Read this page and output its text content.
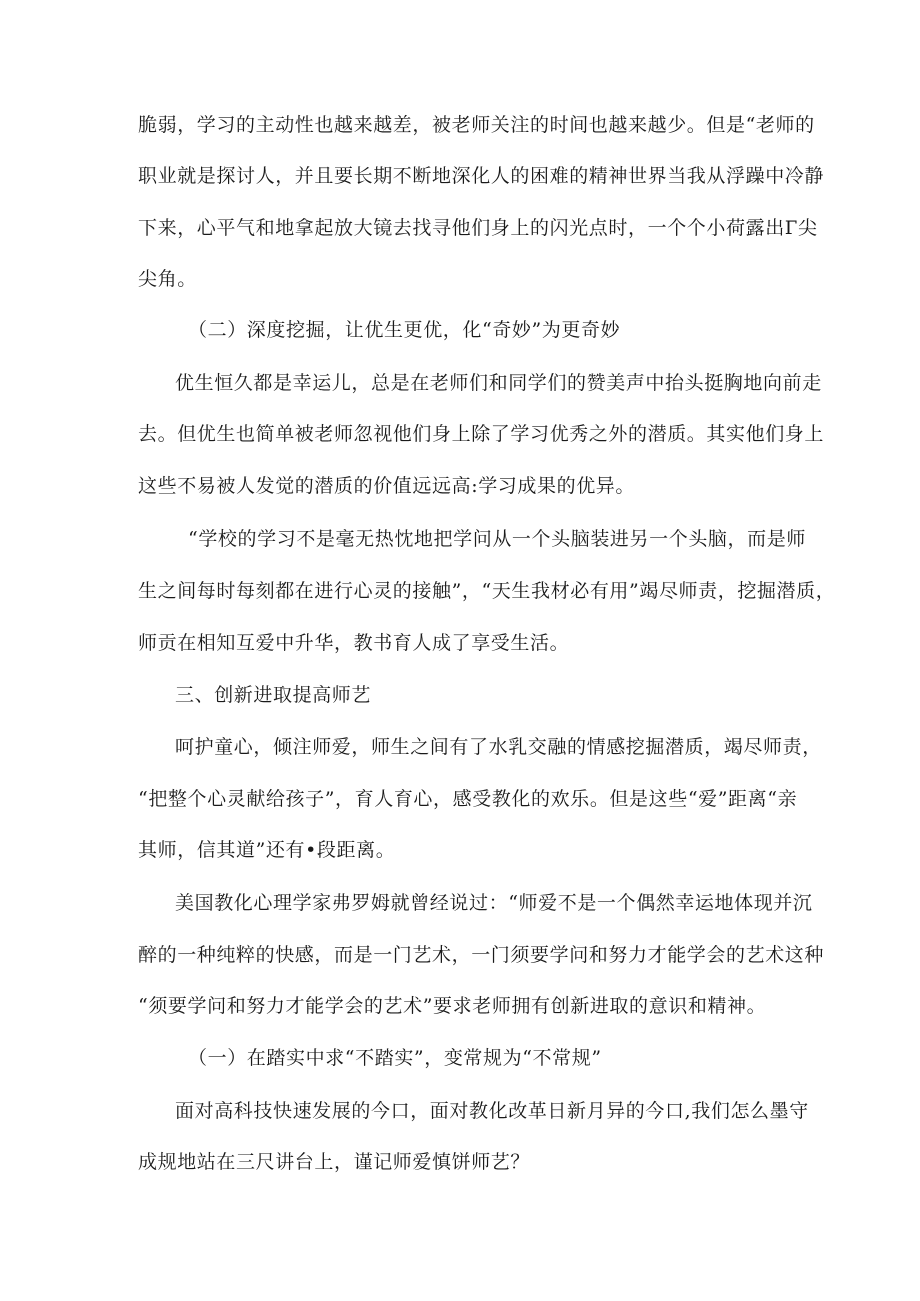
脆弱，学习的主动性也越来越差，被老师关注的时间也越来越少。但是“老师的
职业就是探讨人，并且要长期不断地深化人的困难的精神世界当我从浮躁中冷静
下来，心平气和地拿起放大镜去找寻他们身上的闪光点时，一个个小荷露出Г尖
尖角。
（二）深度挖掘，让优生更优，化“奇妙”为更奇妙
优生恒久都是幸运儿，总是在老师们和同学们的赞美声中抬头挺胸地向前走
去。但优生也简单被老师忽视他们身上除了学习优秀之外的潜质。其实他们身上
这些不易被人发觉的潜质的价值远远高:学习成果的优异。
“学校的学习不是毫无热忱地把学问从一个头脑装进另一个头脑，而是师
生之间每时每刻都在进行心灵的接触”，“天生我材必有用”竭尽师责，挖掘潜质，
师贡在相知互爱中升华，教书育人成了享受生活。
三、创新进取提高师艺
呵护童心，倾注师爱，师生之间有了水乳交融的情感挖掘潜质，竭尽师责，
“把整个心灵献给孩子”，育人育心，感受教化的欢乐。但是这些“爱”距离“亲
其师，信其道”还有•段距离。
美国教化心理学家弗罗姆就曾经说过：“师爱不是一个偶然幸运地体现并沉
醉的一种纯粹的快感，而是一门艺术，一门须要学问和努力才能学会的艺术这种
“须要学问和努力才能学会的艺术”要求老师拥有创新进取的意识和精神。
（一）在踏实中求“不踏实”，变常规为“不常规”
面对高科技快速发展的今口，面对教化改革日新月异的今口,我们怎么墨守
成规地站在三尺讲台上，谨记师爱慎饼师艺？
